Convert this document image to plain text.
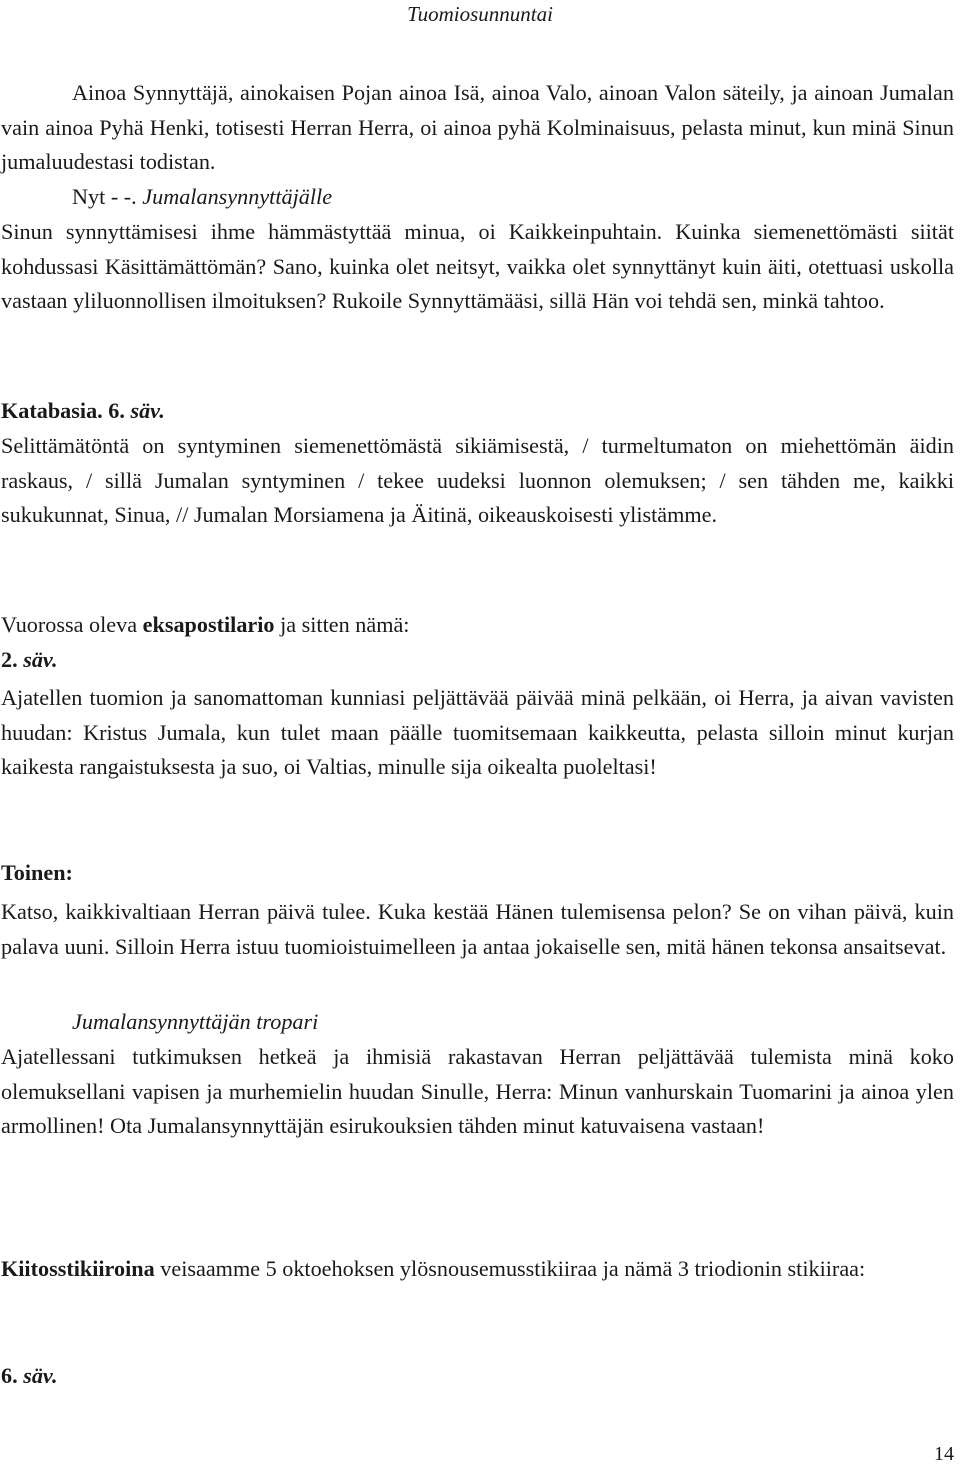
Tuomiosunnuntai
Ainoa Synnyttäjä, ainokaisen Pojan ainoa Isä, ainoa Valo, ainoan Valon säteily, ja ainoan Jumalan vain ainoa Pyhä Henki, totisesti Herran Herra, oi ainoa pyhä Kolminaisuus, pelasta minut, kun minä Sinun jumaluudestasi todistan.
Nyt - -. Jumalansynnyttäjälle
Sinun synnyttämisesi ihme hämmästyttää minua, oi Kaikkeinpuhtain. Kuinka siemenettömästi siität kohdussasi Käsittämättömän? Sano, kuinka olet neitsyt, vaikka olet synnyttänyt kuin äiti, otettuasi uskolla vastaan yliluonnollisen ilmoituksen? Rukoile Synnyttämääsi, sillä Hän voi tehdä sen, minkä tahtoo.
Katabasia. 6. säv.
Selittämätöntä on syntyminen siemenettömästä sikiämisestä, / turmeltumaton on miehettömän äidin raskaus, / sillä Jumalan syntyminen / tekee uudeksi luonnon olemuksen; / sen tähden me, kaikki sukukunnat, Sinua, // Jumalan Morsiamena ja Äitinä, oikeauskoisesti ylistämme.
Vuorossa oleva eksapostilario ja sitten nämä:
2. säv.
Ajatellen tuomion ja sanomattoman kunniasi peljättävää päivää minä pelkään, oi Herra, ja aivan vavisten huudan: Kristus Jumala, kun tulet maan päälle tuomitsemaan kaikkeutta, pelasta silloin minut kurjan kaikesta rangaistuksesta ja suo, oi Valtias, minulle sija oikealta puoleltasi!
Toinen:
Katso, kaikkivaltiaan Herran päivä tulee. Kuka kestää Hänen tulemisensa pelon? Se on vihan päivä, kuin palava uuni. Silloin Herra istuu tuomioistuimelleen ja antaa jokaiselle sen, mitä hänen tekonsa ansaitsevat.
Jumalansynnyttäjän tropari
Ajatellessani tutkimuksen hetkeä ja ihmisiä rakastavan Herran peljättävää tulemista minä koko olemuksellani vapisen ja murhemielin huudan Sinulle, Herra: Minun vanhurskain Tuomarini ja ainoa ylen armollinen! Ota Jumalansynnyttäjän esirukouksien tähden minut katuvaisena vastaan!
Kiitosstikiiroina veisaamme 5 oktoehoksen ylösnousemusstikiiraa ja nämä 3 triodionin stikiiraa:
6. säv.
14
